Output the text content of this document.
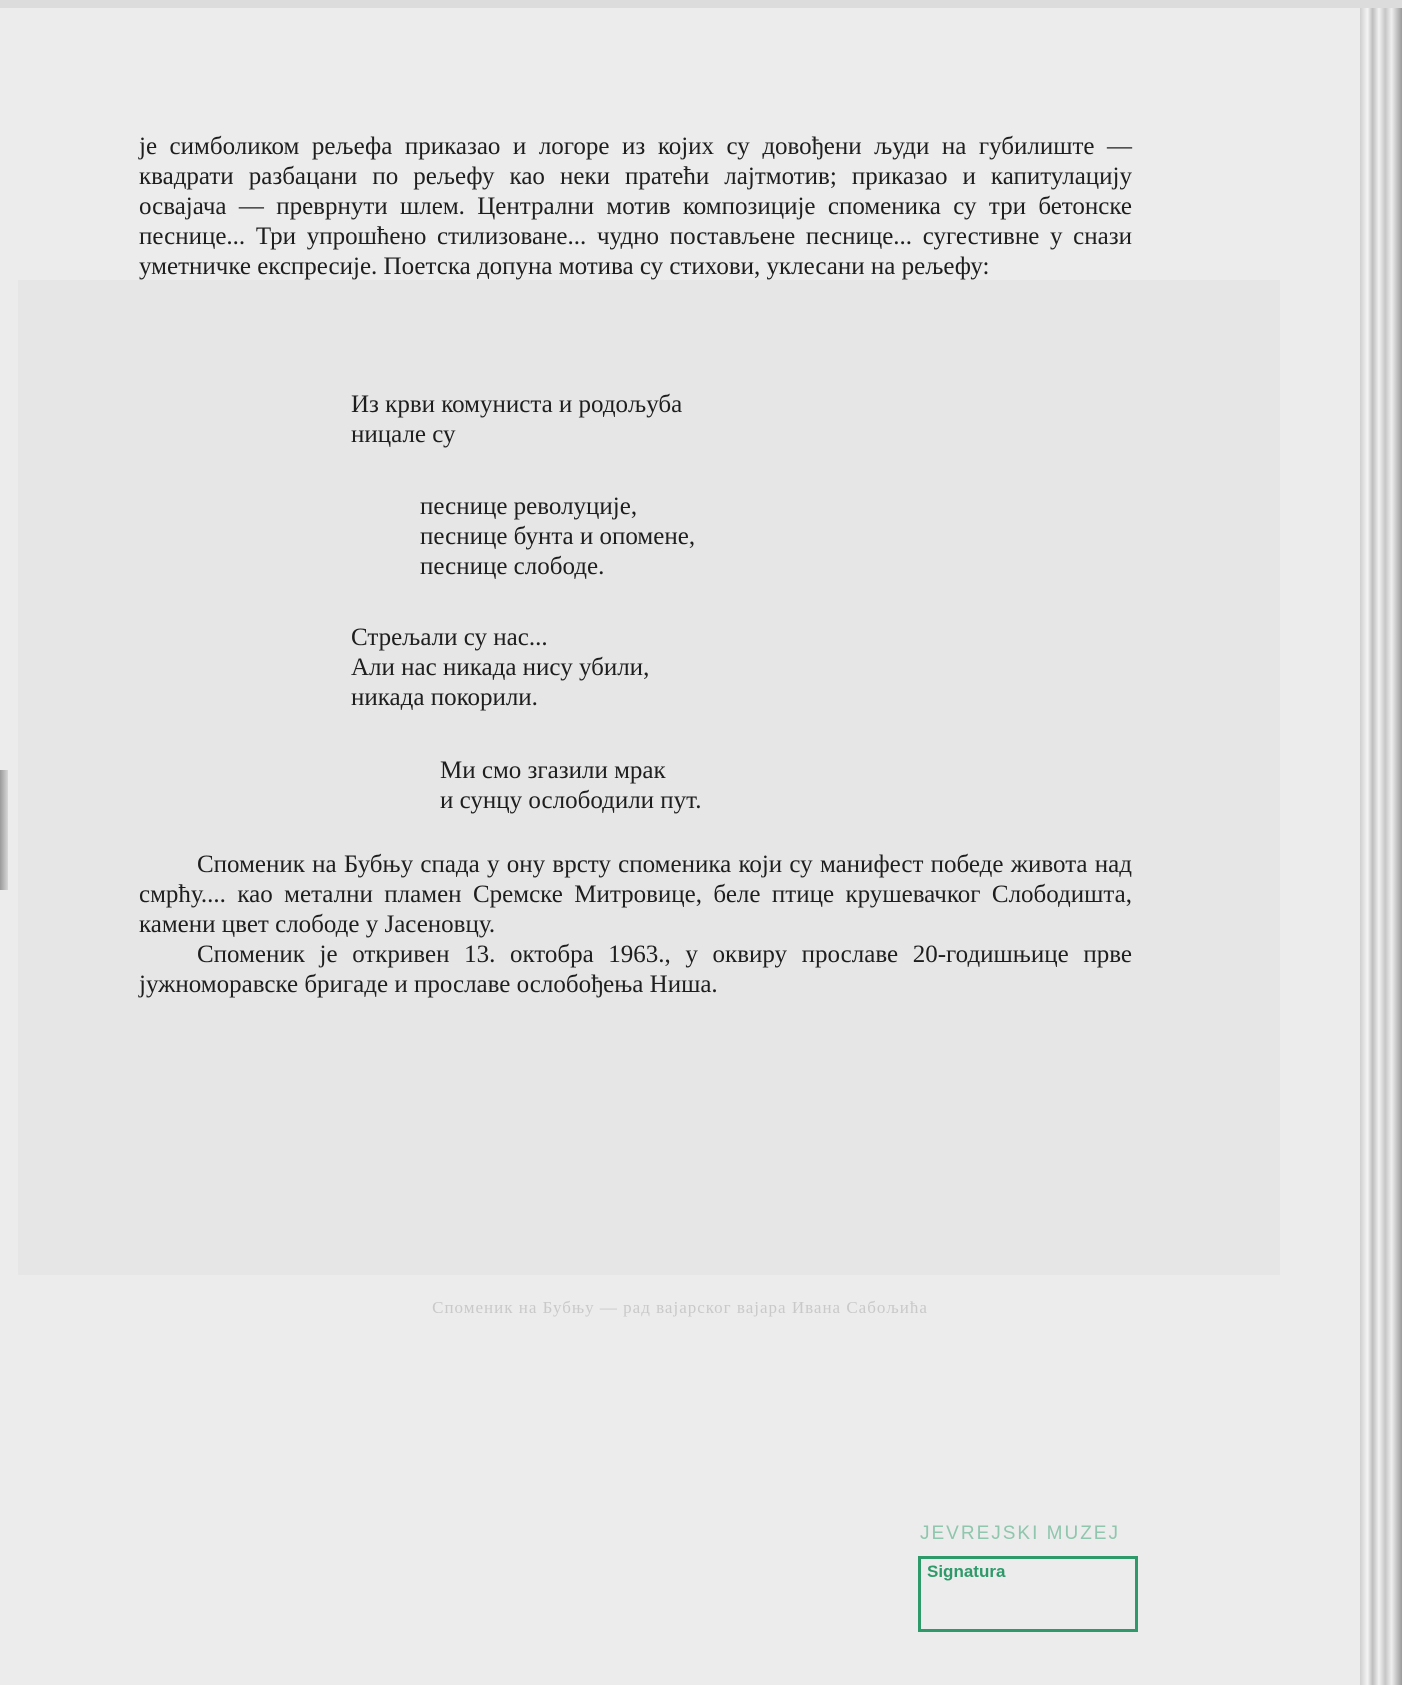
Споменик на Бубњу — рад вајарског вајара Ивана Сабољића

је симболиком рељефа приказао и логоре из којих су довођени људи на губилиште — квадрати разбацани по рељефу као неки пратећи лајтмотив; приказао и капитулацију освајача — преврнути шлем. Централни мотив композиције споменика су три бетонске песнице... Три упрошћено стилизоване... чудно постављене песнице... сугестивне у снази уметничке експресије. Поетска допуна мотива су стихови, уклесани на рељефу:

Из крви комуниста и родољуба
ницале су
песнице револуције,
песнице бунта и опомене,
песнице слободе.
Стрељали су нас...
Али нас никада нису убили,
никада покорили.
Ми смо згазили мрак
и сунцу ослободили пут.

Споменик на Бубњу спада у ону врсту споменика који су манифест победе живота над смрћу.... као метални пламен Сремске Митровице, беле птице крушевачког Слободишта, камени цвет слободе у Јасеновцу.

Споменик је откривен 13. октобра 1963., у оквиру прославе 20-годишњице прве јужноморавске бригаде и прославе ослобођења Ниша.

JEVREJSKI MUZEJ
Signatura
